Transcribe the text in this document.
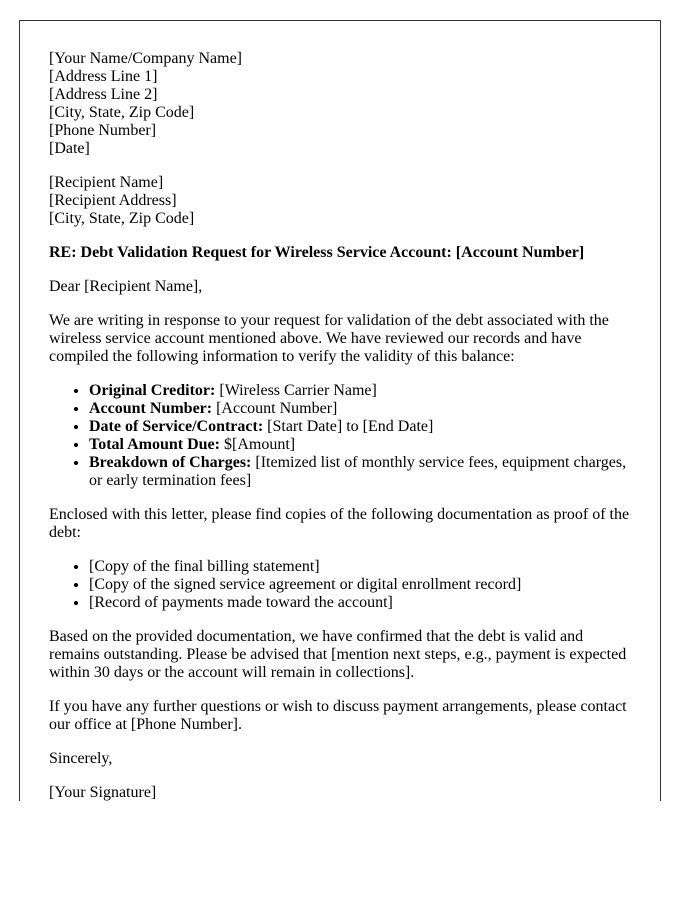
[Your Name/Company Name]
[Address Line 1]
[Address Line 2]
[City, State, Zip Code]
[Phone Number]
[Date]
[Recipient Name]
[Recipient Address]
[City, State, Zip Code]

RE: Debt Validation Request for Wireless Service Account: [Account Number]

Dear [Recipient Name],

We are writing in response to your request for validation of the debt associated with the wireless service account mentioned above. We have reviewed our records and have compiled the following information to verify the validity of this balance:

• Original Creditor: [Wireless Carrier Name]
• Account Number: [Account Number]
• Date of Service/Contract: [Start Date] to [End Date]
• Total Amount Due: $[Amount]
• Breakdown of Charges: [Itemized list of monthly service fees, equipment charges, or early termination fees]

Enclosed with this letter, please find copies of the following documentation as proof of the debt:

• [Copy of the final billing statement]
• [Copy of the signed service agreement or digital enrollment record]
• [Record of payments made toward the account]

Based on the provided documentation, we have confirmed that the debt is valid and remains outstanding. Please be advised that [mention next steps, e.g., payment is expected within 30 days or the account will remain in collections].

If you have any further questions or wish to discuss payment arrangements, please contact our office at [Phone Number].

Sincerely,

[Your Signature]
